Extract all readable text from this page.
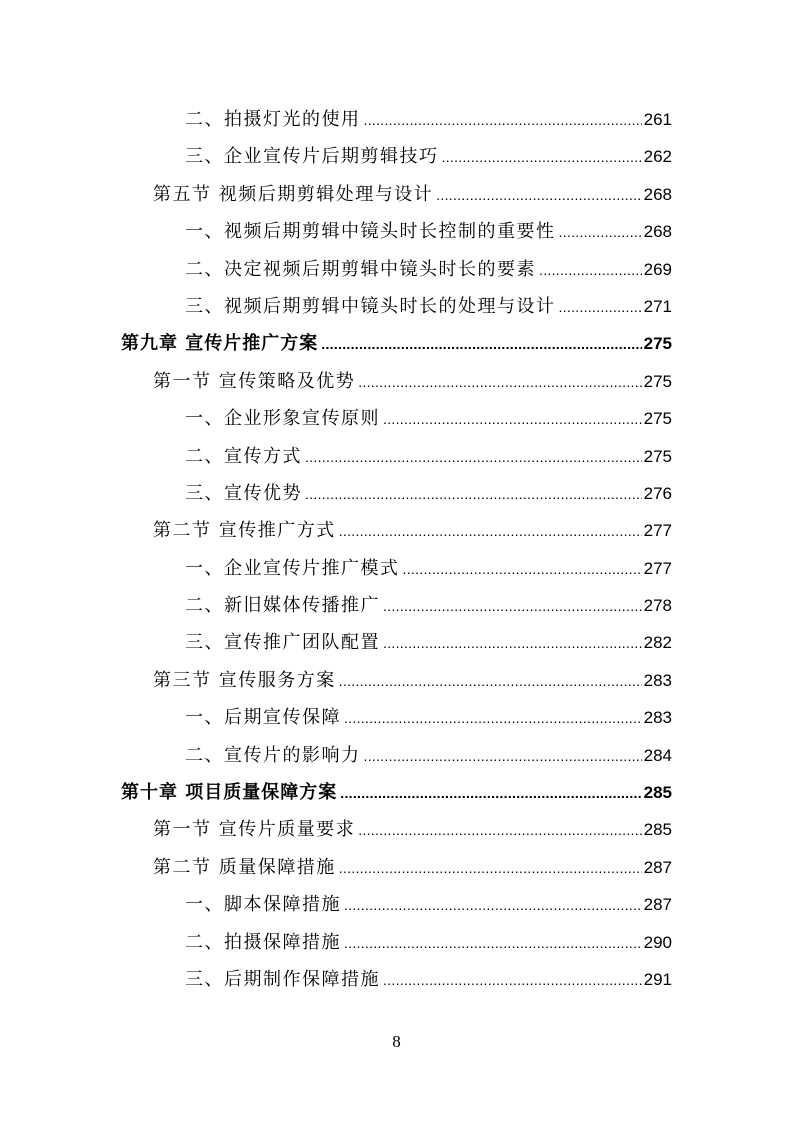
二、拍摄灯光的使用 .....	261
三、企业宣传片后期剪辑技巧 .....	262
第五节 视频后期剪辑处理与设计 .....	268
一、视频后期剪辑中镜头时长控制的重要性 .....	268
二、决定视频后期剪辑中镜头时长的要素 .....	269
三、视频后期剪辑中镜头时长的处理与设计 .....	271
第九章 宣传片推广方案 .....	275
第一节 宣传策略及优势 .....	275
一、企业形象宣传原则 .....	275
二、宣传方式 .....	275
三、宣传优势 .....	276
第二节 宣传推广方式 .....	277
一、企业宣传片推广模式 .....	277
二、新旧媒体传播推广 .....	278
三、宣传推广团队配置 .....	282
第三节 宣传服务方案 .....	283
一、后期宣传保障 .....	283
二、宣传片的影响力 .....	284
第十章 项目质量保障方案 .....	285
第一节 宣传片质量要求 .....	285
第二节 质量保障措施 .....	287
一、脚本保障措施 .....	287
二、拍摄保障措施 .....	290
三、后期制作保障措施 .....	291
8
